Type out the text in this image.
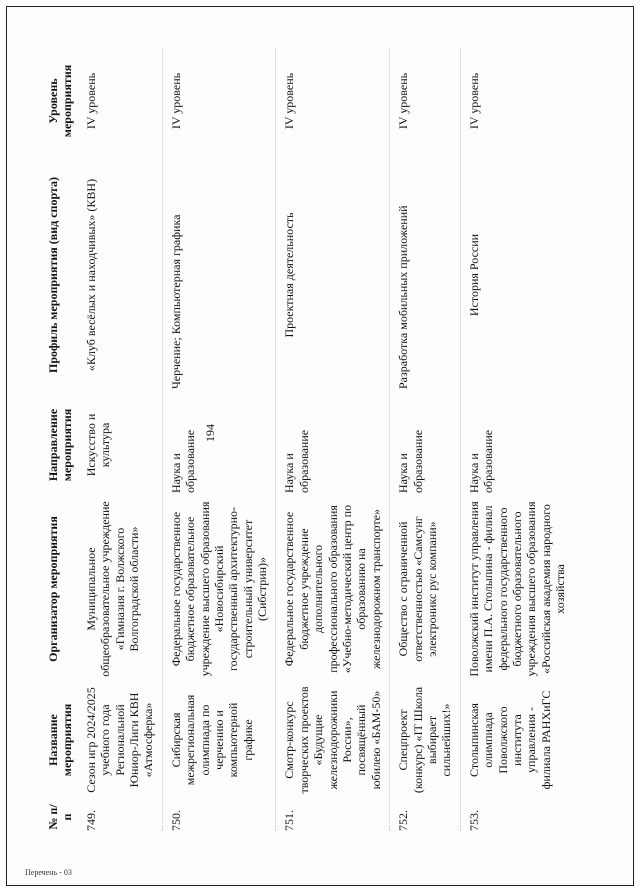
194
№ п/п	Название мероприятия	Организатор мероприятия	Направление мероприятия	Профиль мероприятия (вид спорта)	Уровень мероприятия
749.	Сезон игр 2024/2025 учебного года Региональной Юниор-Лиги КВН «Атмосферка»	Муниципальное общеобразовательное учреждение «Гимназия г. Волжского Волгоградской области»	Искусство и культура	«Клуб весёлых и находчивых» (КВН)	IV уровень

750.	Сибирская межрегиональная олимпиада по черчению и компьютерной графике	Федеральное государственное бюджетное образовательное учреждение высшего образования «Новосибирский государственный архитектурно-строительный университет (Сибстрин)»	Наука и образование	Черчение; Компьютерная графика	IV уровень

751.	Смотр-конкурс творческих проектов «Будущие железнодорожники России», посвящённый юбилею «БАМ-50»	Федеральное государственное бюджетное учреждение дополнительного профессионального образования «Учебно-методический центр по образованию на железнодорожном транспорте»	Наука и образование	Проектная деятельность	IV уровень

752.	Спецпроект (конкурс) «IT Школа выбирает сильнейших!»	Общество с ограниченной ответственностью «Самсунг электроникс рус компани»	Наука и образование	Разработка мобильных приложений	IV уровень

753.	Столыпинская олимпиада Поволжского института управления - филиала РАНХиГС	Поволжский институт управления имени П.А. Столыпина - филиал федерального государственного бюджетного образовательного учреждения высшего образования «Российская академия народного хозяйства	Наука и образование	История России	IV уровень
Перечень - 03
